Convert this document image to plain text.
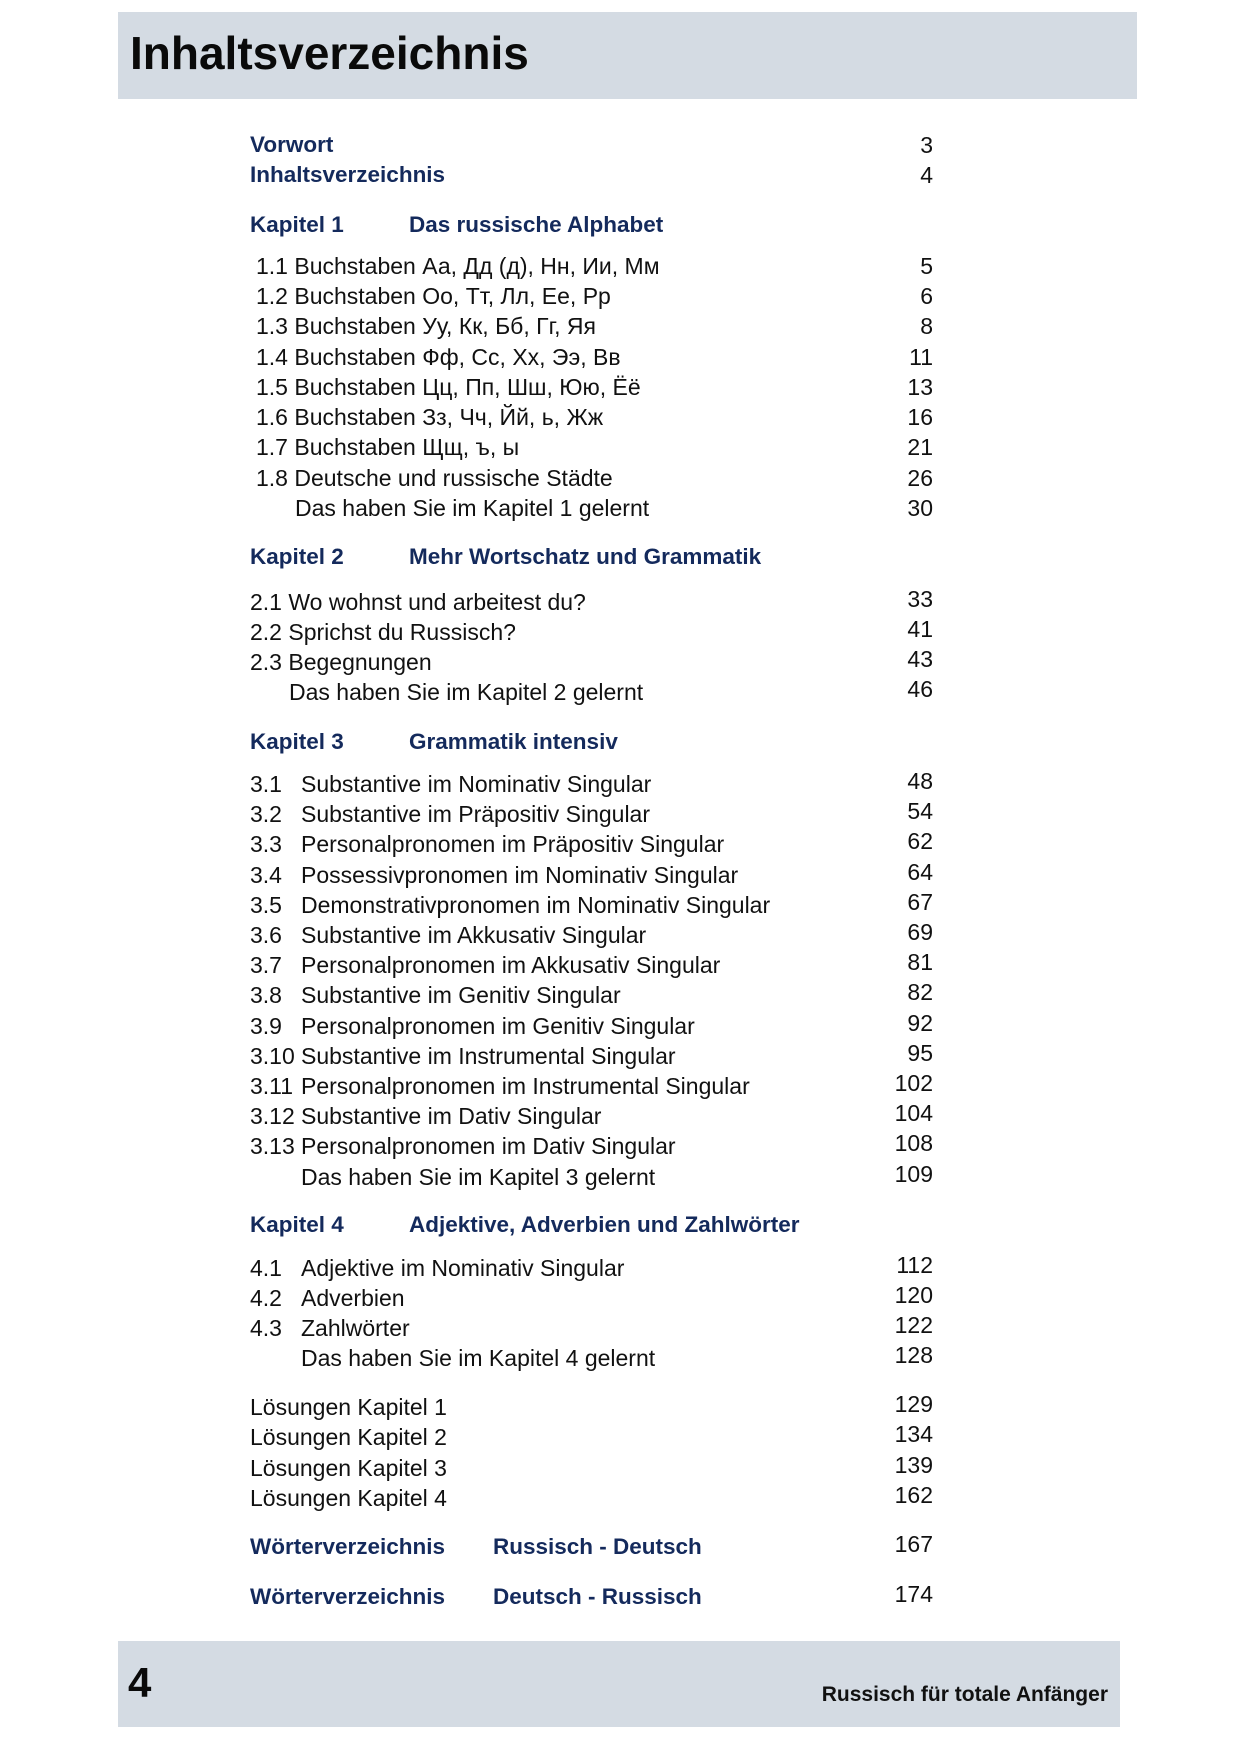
Inhaltsverzeichnis
Vorwort	3
Inhaltsverzeichnis	4
Kapitel 1	Das russische Alphabet
1.1 Buchstaben Аа, Дд (д), Нн, Ии, Мм	5
1.2 Buchstaben Оо, Тт, Лл, Ее, Рр	6
1.3 Buchstaben Уу, Кк, Бб, Гг, Яя	8
1.4 Buchstaben Фф, Сс, Хх, Ээ, Вв	11
1.5 Buchstaben Цц, Пп, Шш, Юю, Ёё	13
1.6 Buchstaben Зз, Чч, Йй, ь, Жж	16
1.7 Buchstaben Щщ, ъ, ы	21
1.8 Deutsche und russische Städte	26
Das haben Sie im Kapitel 1 gelernt	30
Kapitel 2	Mehr Wortschatz und Grammatik
2.1 Wo wohnst und arbeitest du?	33
2.2 Sprichst du Russisch?	41
2.3 Begegnungen	43
Das haben Sie im Kapitel 2 gelernt	46
Kapitel 3	Grammatik intensiv
3.1 Substantive im Nominativ Singular	48
3.2 Substantive im Präpositiv Singular	54
3.3 Personalpronomen im Präpositiv Singular	62
3.4 Possessivpronomen im Nominativ Singular	64
3.5 Demonstrativpronomen im Nominativ Singular	67
3.6 Substantive im Akkusativ Singular	69
3.7 Personalpronomen im Akkusativ Singular	81
3.8 Substantive im Genitiv Singular	82
3.9 Personalpronomen im Genitiv Singular	92
3.10 Substantive im Instrumental Singular	95
3.11 Personalpronomen im Instrumental Singular	102
3.12 Substantive im Dativ Singular	104
3.13 Personalpronomen im Dativ Singular	108
Das haben Sie im Kapitel 3 gelernt	109
Kapitel 4	Adjektive, Adverbien und Zahlwörter
4.1 Adjektive im Nominativ Singular	112
4.2 Adverbien	120
4.3 Zahlwörter	122
Das haben Sie im Kapitel 4 gelernt	128
Lösungen Kapitel 1	129
Lösungen Kapitel 2	134
Lösungen Kapitel 3	139
Lösungen Kapitel 4	162
Wörterverzeichnis Russisch - Deutsch	167
Wörterverzeichnis Deutsch - Russisch	174
4	Russisch für totale Anfänger
